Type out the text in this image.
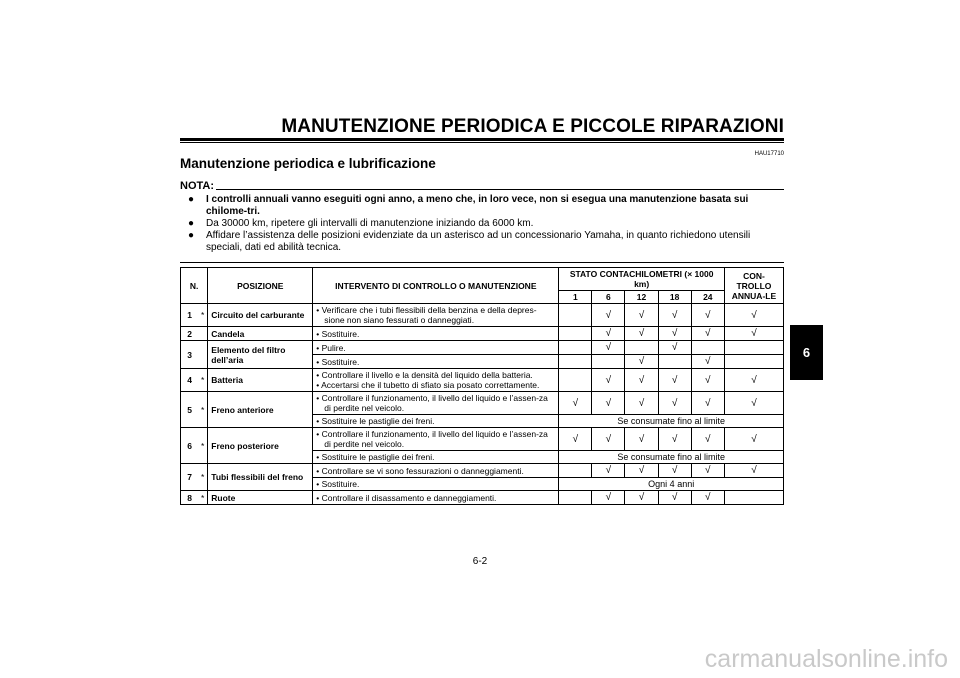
MANUTENZIONE PERIODICA E PICCOLE RIPARAZIONI
6
HAU17710
Manutenzione periodica e lubrificazione
NOTA:
● I controlli annuali vanno eseguiti ogni anno, a meno che, in loro vece, non si esegua una manutenzione basata sui chilome-tri.
● Da 30000 km, ripetere gli intervalli di manutenzione iniziando da 6000 km.
● Affidare l’assistenza delle posizioni evidenziate da un asterisco ad un concessionario Yamaha, in quanto richiedono utensili speciali, dati ed abilità tecnica.
N.		POSIZIONE	INTERVENTO DI CONTROLLO O MANUTENZIONE	STATO CONTACHILOMETRI (× 1000 km)					CON-TROLLO ANNUA-LE
				1	6	12	18	24	
1	*	Circuito del carburante	• Verificare che i tubi flessibili della benzina e della depres-sione non siano fessurati o danneggiati.		√	√	√	√	√
2		Candela	• Sostituire.		√	√	√	√	√
3		Elemento del filtro dell’aria	• Pulire.		√		√		

			• Sostituire.			√		√	
4	*	Batteria	• Controllare il livello e la densità del liquido della batteria.
• Accertarsi che il tubetto di sfiato sia posato correttamente.		√	√	√	√	√
5	*	Freno anteriore	• Controllare il funzionamento, il livello del liquido e l’assen-za di perdite nel veicolo.	√	√	√	√	√	√

			• Sostituire le pastiglie dei freni.	Se consumate fino al limite					
6	*	Freno posteriore	• Controllare il funzionamento, il livello del liquido e l’assen-za di perdite nel veicolo.	√	√	√	√	√	√

			• Sostituire le pastiglie dei freni.	Se consumate fino al limite					
7	*	Tubi flessibili del freno	• Controllare se vi sono fessurazioni o danneggiamenti.		√	√	√	√	√

			• Sostituire.	Ogni 4 anni					
8	*	Ruote	• Controllare il disassamento e danneggiamenti.		√	√	√	√	
6-2
carmanualsonline.info
